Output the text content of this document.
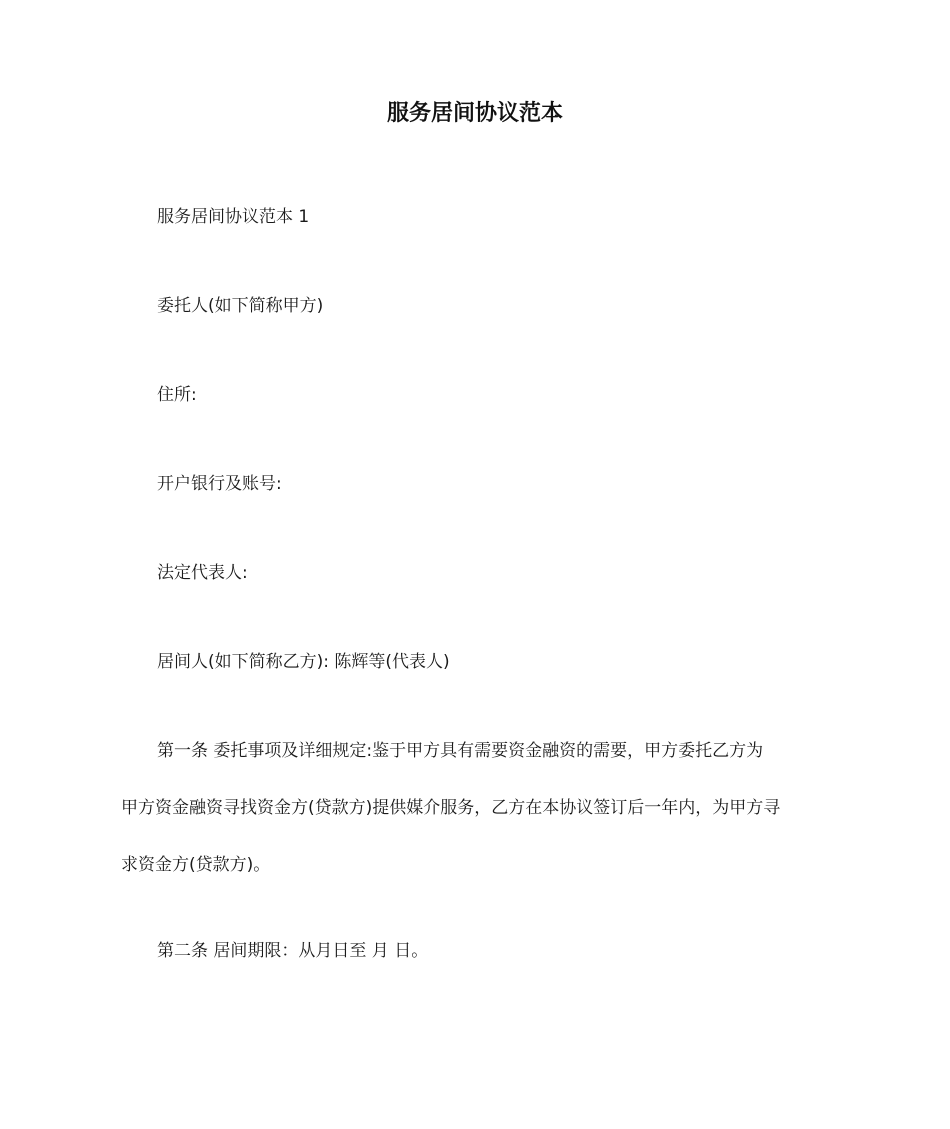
服务居间协议范本
服务居间协议范本 1
委托人(如下简称甲方)
住所:
开户银行及账号:
法定代表人:
居间人(如下简称乙方): 陈辉等(代表人)
第一条 委托事项及详细规定:鉴于甲方具有需要资金融资的需要，甲方委托乙方为
甲方资金融资寻找资金方(贷款方)提供媒介服务，乙方在本协议签订后一年内，为甲方寻
求资金方(贷款方)。
第二条 居间期限：从月日至 月 日。
